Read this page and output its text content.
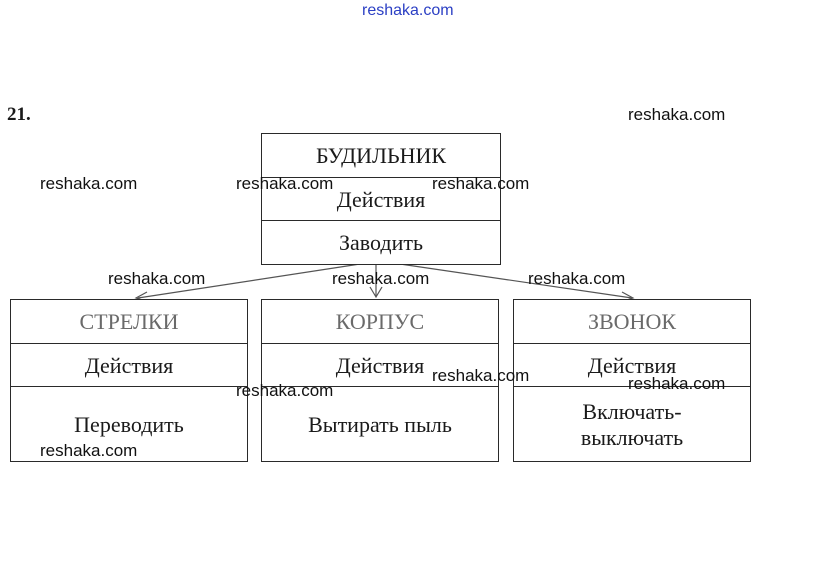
reshaka.com
21.
БУДИЛЬНИК
Действия
Заводить
СТРЕЛКИ
Действия
Переводить
КОРПУС
Действия
Вытирать пыль
ЗВОНОК
Действия
Включать-
выключать
reshaka.com
reshaka.com	reshaka.com	reshaka.com
reshaka.com	reshaka.com	reshaka.com
reshaka.com	reshaka.com
reshaka.com
reshaka.com
